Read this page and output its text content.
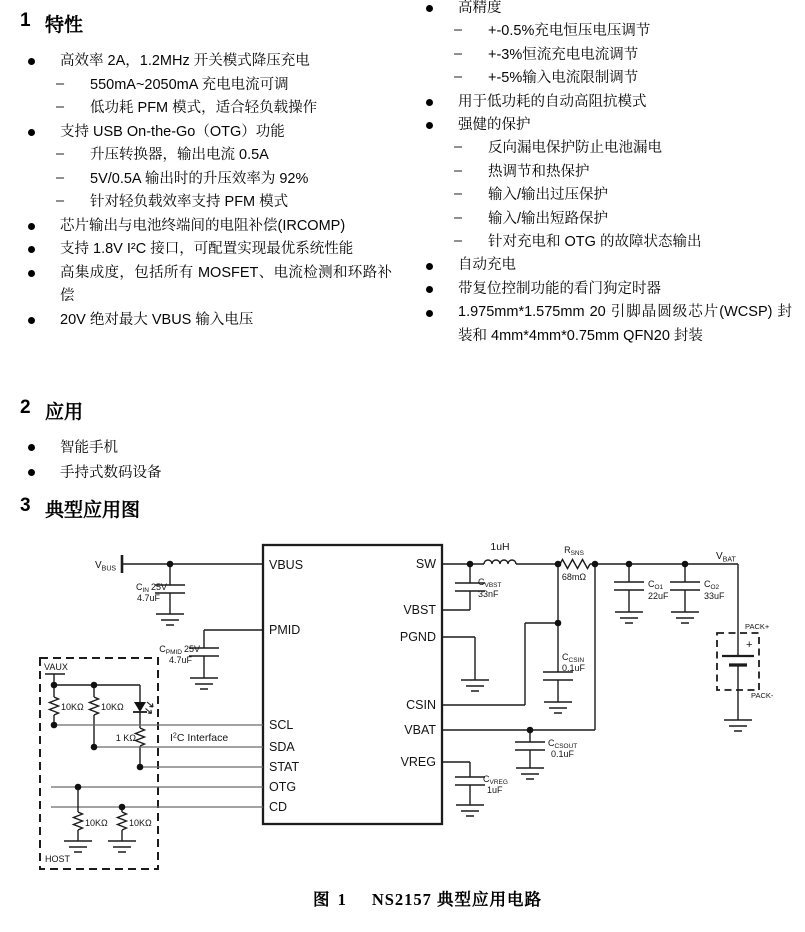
1 特性
高效率 2A，1.2MHz 开关模式降压充电
– 550mA~2050mA 充电电流可调
– 低功耗 PFM 模式，适合轻负载操作
支持 USB On-the-Go（OTG）功能
– 升压转换器，输出电流 0.5A
– 5V/0.5A 输出时的升压效率为 92%
– 针对轻负载效率支持 PFM 模式
芯片输出与电池终端间的电阻补偿(IRCOMP)
支持 1.8V I²C 接口，可配置实现最优系统性能
高集成度，包括所有 MOSFET、电流检测和环路补偿
20V 绝对最大 VBUS 输入电压
高精度
– +-0.5%充电恒压电压调节
– +-3%恒流充电电流调节
– +-5%输入电流限制调节
用于低功耗的自动高阻抗模式
强健的保护
– 反向漏电保护防止电池漏电
– 热调节和热保护
– 输入/输出过压保护
– 输入/输出短路保护
– 针对充电和 OTG 的故障状态输出
自动充电
带复位控制功能的看门狗定时器
1.975mm*1.575mm 20 引脚晶圆级芯片(WCSP) 封装和 4mm*4mm*0.75mm QFN20 封装
2 应用
智能手机
手持式数码设备
3 典型应用图
VBUS
PMID
SCL
SDA
STAT
OTG
CD
SW
VBST
PGND
CSIN
VBAT
VREG
$V_{BUS}$
$C_{IN}$ 25V
4.7uF
$C_{PMID}$ 25V
4.7uF
VAUX
10KΩ 10KΩ
1 KΩ	$I^2C$ Interface
10KΩ 10KΩ
HOST
1uH	$R_{SNS}$
68mΩ
$C_{VBST}$
33nF
$C_{CSIN}$
0.1uF
$C_{CSOUT}$
0.1uF
$C_{VREG}$
1uF
$C_{O1}$
22uF
$C_{O2}$
33uF
$V_{BAT}$
PACK+
+
PACK-
图 1 NS2157 典型应用电路
